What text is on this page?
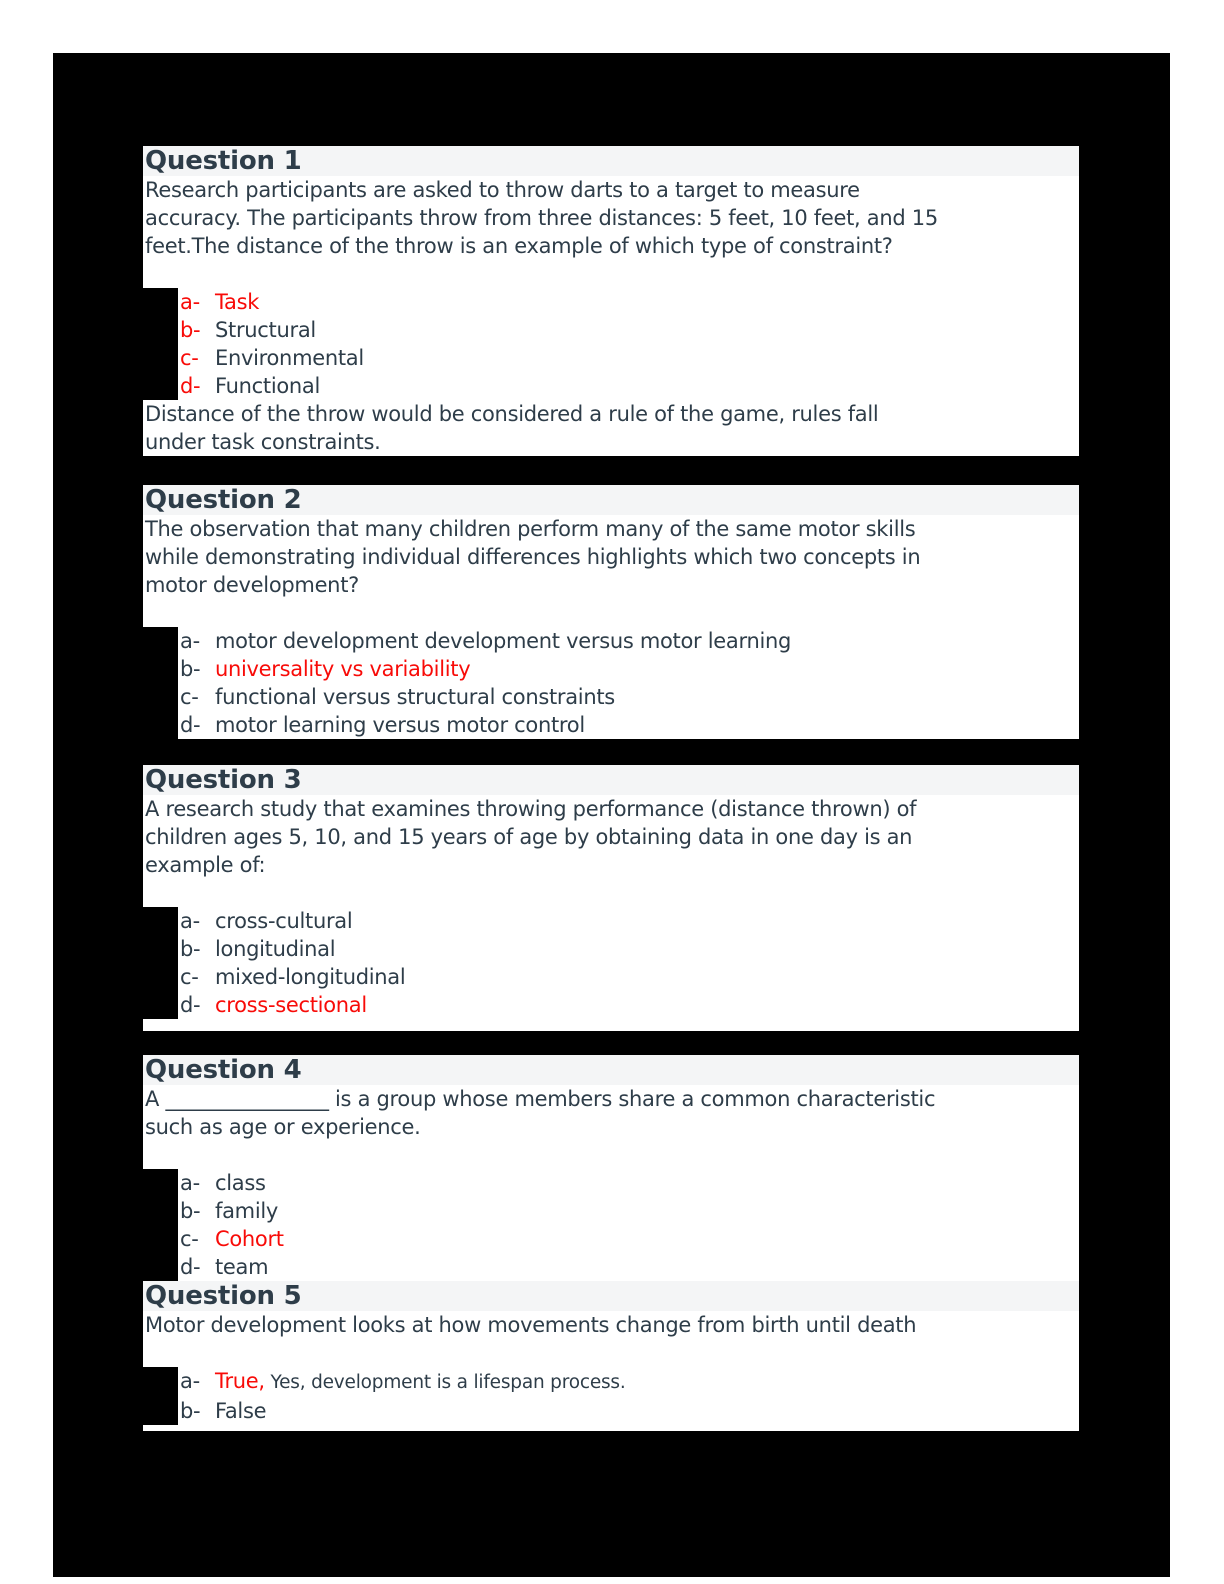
Question 1
Research participants are asked to throw darts to a target to measure
accuracy. The participants throw from three distances: 5 feet, 10 feet, and 15
feet.The distance of the throw is an example of which type of constraint?
a- Task
b- Structural
c- Environmental
d- Functional
Distance of the throw would be considered a rule of the game, rules fall
under task constraints.
Question 2
The observation that many children perform many of the same motor skills
while demonstrating individual differences highlights which two concepts in
motor development?
a- motor development development versus motor learning
b- universality vs variability
c- functional versus structural constraints
d- motor learning versus motor control
Question 3
A research study that examines throwing performance (distance thrown) of
children ages 5, 10, and 15 years of age by obtaining data in one day is an
example of:
a- cross-cultural
b- longitudinal
c- mixed-longitudinal
d- cross-sectional
Question 4
A ________________ is a group whose members share a common characteristic
such as age or experience.
a- class
b- family
c- Cohort
d- team
Question 5
Motor development looks at how movements change from birth until death
a- True, Yes, development is a lifespan process.
b- False
